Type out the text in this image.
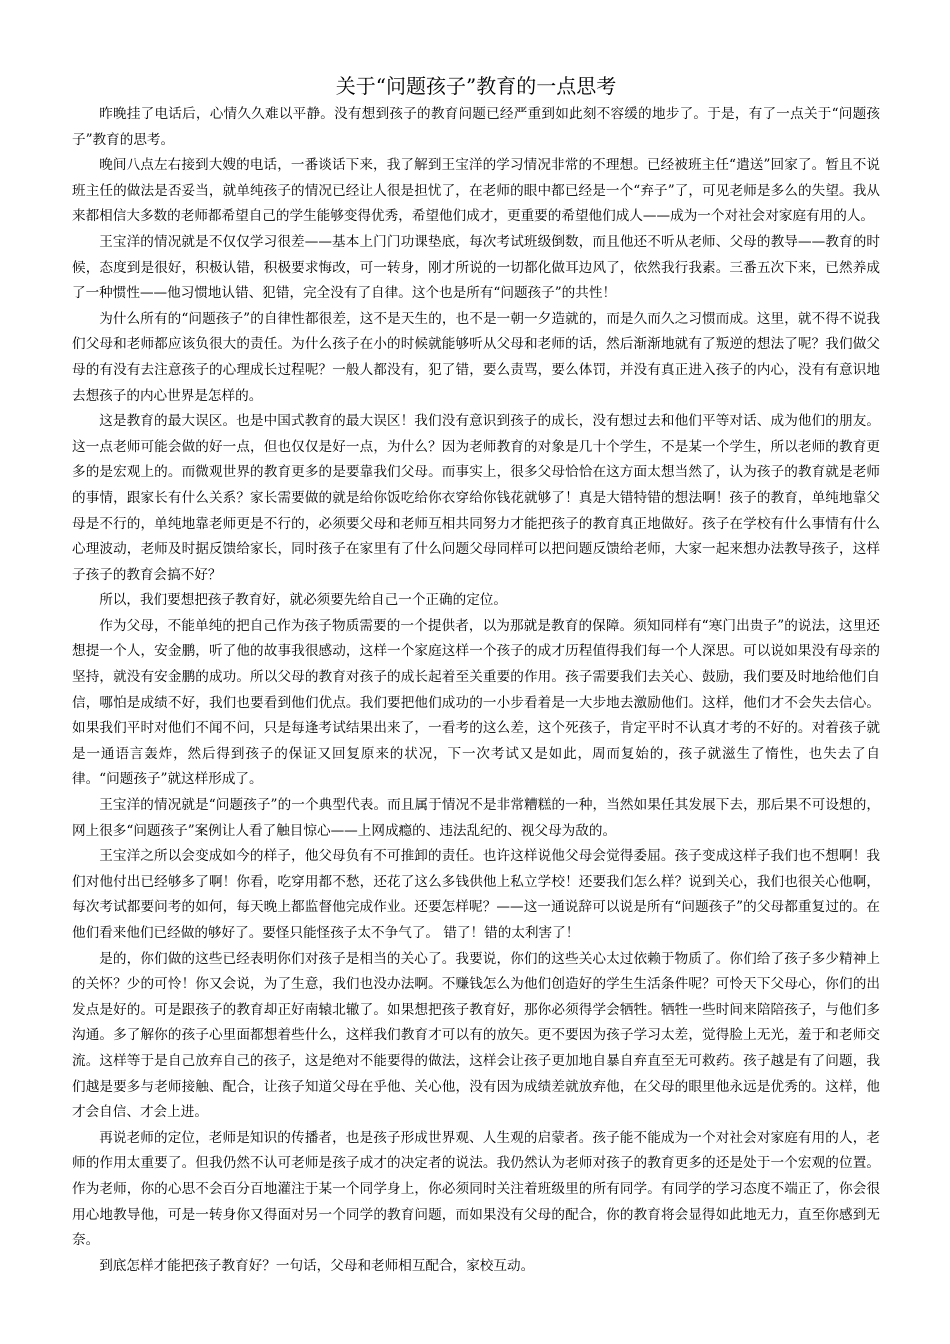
关于“问题孩子”教育的一点思考

昨晚挂了电话后，心情久久难以平静。没有想到孩子的教育问题已经严重到如此刻不容缓的地步了。于是，有了一点关于“问题孩子”教育的思考。

晚间八点左右接到大嫂的电话，一番谈话下来，我了解到王宝洋的学习情况非常的不理想。已经被班主任“遣送”回家了。暂且不说班主任的做法是否妥当，就单纯孩子的情况已经让人很是担忧了，在老师的眼中都已经是一个“弃子”了，可见老师是多么的失望。我从来都相信大多数的老师都希望自己的学生能够变得优秀，希望他们成才，更重要的希望他们成人——成为一个对社会对家庭有用的人。

王宝洋的情况就是不仅仅学习很差——基本上门门功课垫底，每次考试班级倒数，而且他还不听从老师、父母的教导——教育的时候，态度到是很好，积极认错，积极要求悔改，可一转身，刚才所说的一切都化做耳边风了，依然我行我素。三番五次下来，已然养成了一种惯性——他习惯地认错、犯错，完全没有了自律。这个也是所有“问题孩子”的共性！

为什么所有的“问题孩子”的自律性都很差，这不是天生的，也不是一朝一夕造就的，而是久而久之习惯而成。这里，就不得不说我们父母和老师都应该负很大的责任。为什么孩子在小的时候就能够听从父母和老师的话，然后渐渐地就有了叛逆的想法了呢？我们做父母的有没有去注意孩子的心理成长过程呢？一般人都没有，犯了错，要么责骂，要么体罚，并没有真正进入孩子的内心，没有有意识地去想孩子的内心世界是怎样的。

这是教育的最大误区。也是中国式教育的最大误区！我们没有意识到孩子的成长，没有想过去和他们平等对话、成为他们的朋友。这一点老师可能会做的好一点，但也仅仅是好一点，为什么？因为老师教育的对象是几十个学生，不是某一个学生，所以老师的教育更多的是宏观上的。而微观世界的教育更多的是要靠我们父母。而事实上，很多父母恰恰在这方面太想当然了，认为孩子的教育就是老师的事情，跟家长有什么关系？家长需要做的就是给你饭吃给你衣穿给你钱花就够了！真是大错特错的想法啊！孩子的教育，单纯地靠父母是不行的，单纯地靠老师更是不行的，必须要父母和老师互相共同努力才能把孩子的教育真正地做好。孩子在学校有什么事情有什么心理波动，老师及时据反馈给家长，同时孩子在家里有了什么问题父母同样可以把问题反馈给老师，大家一起来想办法教导孩子，这样子孩子的教育会搞不好？

所以，我们要想把孩子教育好，就必须要先给自己一个正确的定位。

作为父母，不能单纯的把自己作为孩子物质需要的一个提供者，以为那就是教育的保障。须知同样有“寒门出贵子”的说法，这里还想提一个人，安金鹏，听了他的故事我很感动，这样一个家庭这样一个孩子的成才历程值得我们每一个人深思。可以说如果没有母亲的坚持，就没有安金鹏的成功。所以父母的教育对孩子的成长起着至关重要的作用。孩子需要我们去关心、鼓励，我们要及时地给他们自信，哪怕是成绩不好，我们也要看到他们优点。我们要把他们成功的一小步看着是一大步地去激励他们。这样，他们才不会失去信心。如果我们平时对他们不闻不问，只是每逢考试结果出来了，一看考的这么差，这个死孩子，肯定平时不认真才考的不好的。对着孩子就是一通语言轰炸，然后得到孩子的保证又回复原来的状况，下一次考试又是如此，周而复始的，孩子就滋生了惰性，也失去了自律。“问题孩子”就这样形成了。

王宝洋的情况就是“问题孩子”的一个典型代表。而且属于情况不是非常糟糕的一种，当然如果任其发展下去，那后果不可设想的，网上很多“问题孩子”案例让人看了触目惊心——上网成瘾的、违法乱纪的、视父母为敌的。

王宝洋之所以会变成如今的样子，他父母负有不可推卸的责任。也许这样说他父母会觉得委屈。孩子变成这样子我们也不想啊！我们对他付出已经够多了啊！你看，吃穿用都不愁，还花了这么多钱供他上私立学校！还要我们怎么样？说到关心，我们也很关心他啊，每次考试都要问考的如何，每天晚上都监督他完成作业。还要怎样呢？——这一通说辞可以说是所有“问题孩子”的父母都重复过的。在他们看来他们已经做的够好了。要怪只能怪孩子太不争气了。 错了！错的太利害了！

是的，你们做的这些已经表明你们对孩子是相当的关心了。我要说，你们的这些关心太过依赖于物质了。你们给了孩子多少精神上的关怀？少的可怜！你又会说，为了生意，我们也没办法啊。不赚钱怎么为他们创造好的学生生活条件呢？可怜天下父母心，你们的出发点是好的。可是跟孩子的教育却正好南辕北辙了。如果想把孩子教育好，那你必须得学会牺牲。牺牲一些时间来陪陪孩子，与他们多沟通。多了解你的孩子心里面都想着些什么，这样我们教育才可以有的放矢。更不要因为孩子学习太差，觉得脸上无光，羞于和老师交流。这样等于是自己放弃自己的孩子，这是绝对不能要得的做法，这样会让孩子更加地自暴自弃直至无可救药。孩子越是有了问题，我们越是要多与老师接触、配合，让孩子知道父母在乎他、关心他，没有因为成绩差就放弃他，在父母的眼里他永远是优秀的。这样，他才会自信、才会上进。

再说老师的定位，老师是知识的传播者，也是孩子形成世界观、人生观的启蒙者。孩子能不能成为一个对社会对家庭有用的人，老师的作用太重要了。但我仍然不认可老师是孩子成才的决定者的说法。我仍然认为老师对孩子的教育更多的还是处于一个宏观的位置。作为老师，你的心思不会百分百地灌注于某一个同学身上，你必须同时关注着班级里的所有同学。有同学的学习态度不端正了，你会很用心地教导他，可是一转身你又得面对另一个同学的教育问题，而如果没有父母的配合，你的教育将会显得如此地无力，直至你感到无奈。

到底怎样才能把孩子教育好？一句话，父母和老师相互配合，家校互动。
